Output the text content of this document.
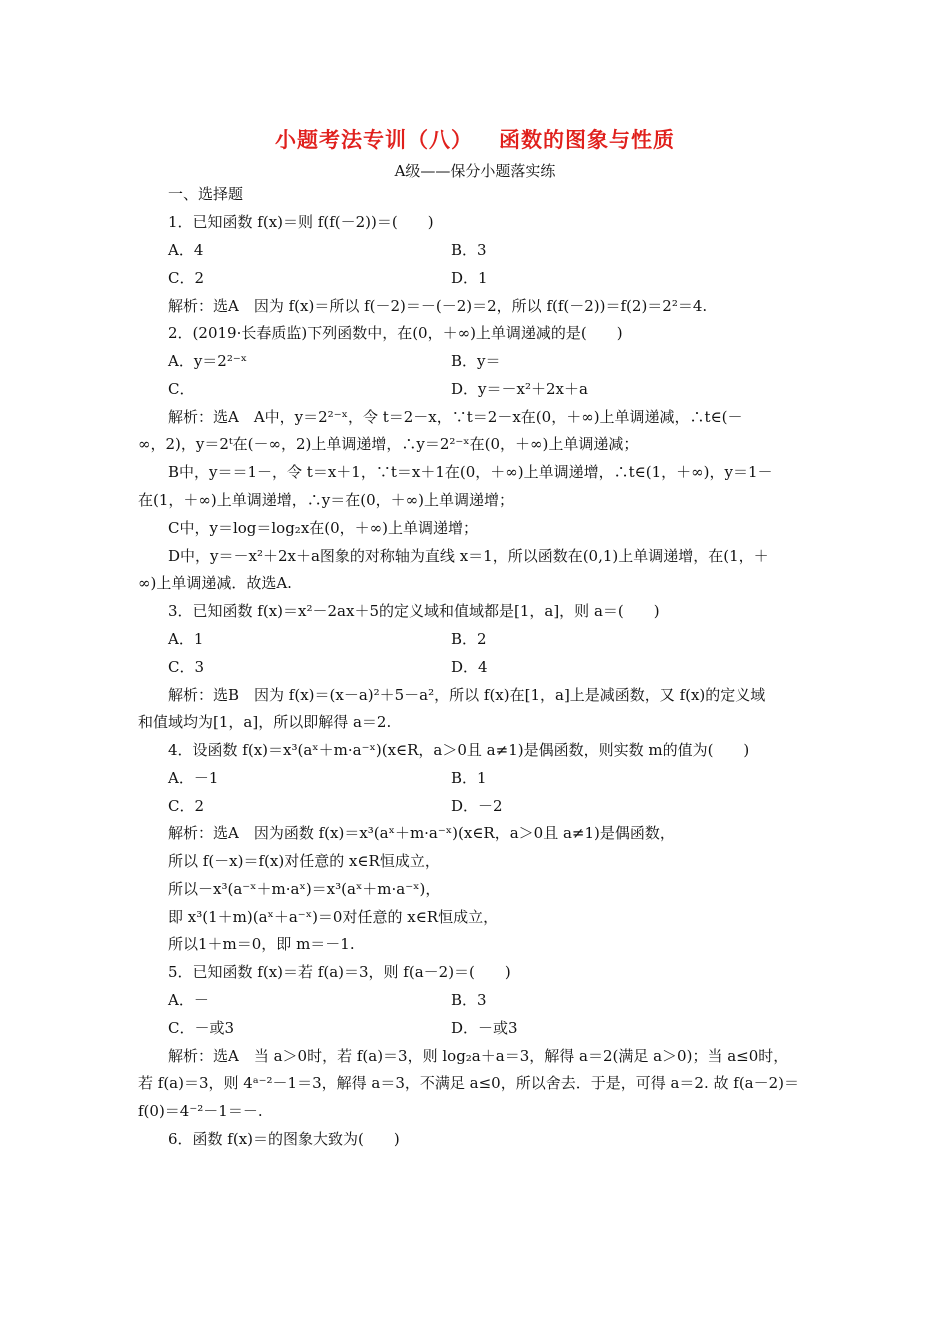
小题考法专训（八） 函数的图象与性质
A级——保分小题落实练
一、选择题
1．已知函数 f(x)＝则 f(f(－2))＝(　　)
A．4	B．3
C．2	D．1
解析：选A　因为 f(x)＝所以 f(－2)＝－(－2)＝2，所以 f(f(－2))＝f(2)＝2²＝4.
2．(2019·长春质监)下列函数中，在(0，＋∞)上单调递减的是(　　)
A．y＝2²⁻ˣ	B．y＝
C．	D．y＝－x²＋2x＋a
解析：选A　A中，y＝2²⁻ˣ，令 t＝2－x，∵t＝2－x在(0，＋∞)上单调递减，∴t∈(－
∞，2)，y＝2ᵗ在(－∞，2)上单调递增，∴y＝2²⁻ˣ在(0，＋∞)上单调递减；
B中，y＝＝1－，令 t＝x＋1，∵t＝x＋1在(0，＋∞)上单调递增，∴t∈(1，＋∞)，y＝1－
在(1，＋∞)上单调递增，∴y＝在(0，＋∞)上单调递增；
C中，y＝log＝log₂x在(0，＋∞)上单调递增；
D中，y＝－x²＋2x＋a图象的对称轴为直线 x＝1，所以函数在(0,1)上单调递增，在(1，＋
∞)上单调递减．故选A.
3．已知函数 f(x)＝x²－2ax＋5的定义域和值域都是[1，a]，则 a＝(　　)
A．1	B．2
C．3	D．4
解析：选B　因为 f(x)＝(x－a)²＋5－a²，所以 f(x)在[1，a]上是减函数，又 f(x)的定义域
和值域均为[1，a]，所以即解得 a＝2.
4．设函数 f(x)＝x³(aˣ＋m·a⁻ˣ)(x∈R，a＞0且 a≠1)是偶函数，则实数 m的值为(　　)
A．－1	B．1
C．2	D．－2
解析：选A　因为函数 f(x)＝x³(aˣ＋m·a⁻ˣ)(x∈R，a＞0且 a≠1)是偶函数，
所以 f(－x)＝f(x)对任意的 x∈R恒成立，
所以－x³(a⁻ˣ＋m·aˣ)＝x³(aˣ＋m·a⁻ˣ)，
即 x³(1＋m)(aˣ＋a⁻ˣ)＝0对任意的 x∈R恒成立，
所以1＋m＝0，即 m＝－1.
5．已知函数 f(x)＝若 f(a)＝3，则 f(a－2)＝(　　)
A．－	B．3
C．－或3	D．－或3
解析：选A　当 a＞0时，若 f(a)＝3，则 log₂a＋a＝3，解得 a＝2(满足 a＞0)；当 a≤0时，
若 f(a)＝3，则 4ᵃ⁻²－1＝3，解得 a＝3，不满足 a≤0，所以舍去．于是，可得 a＝2. 故 f(a－2)＝
f(0)＝4⁻²－1＝－.
6．函数 f(x)＝的图象大致为(　　)
